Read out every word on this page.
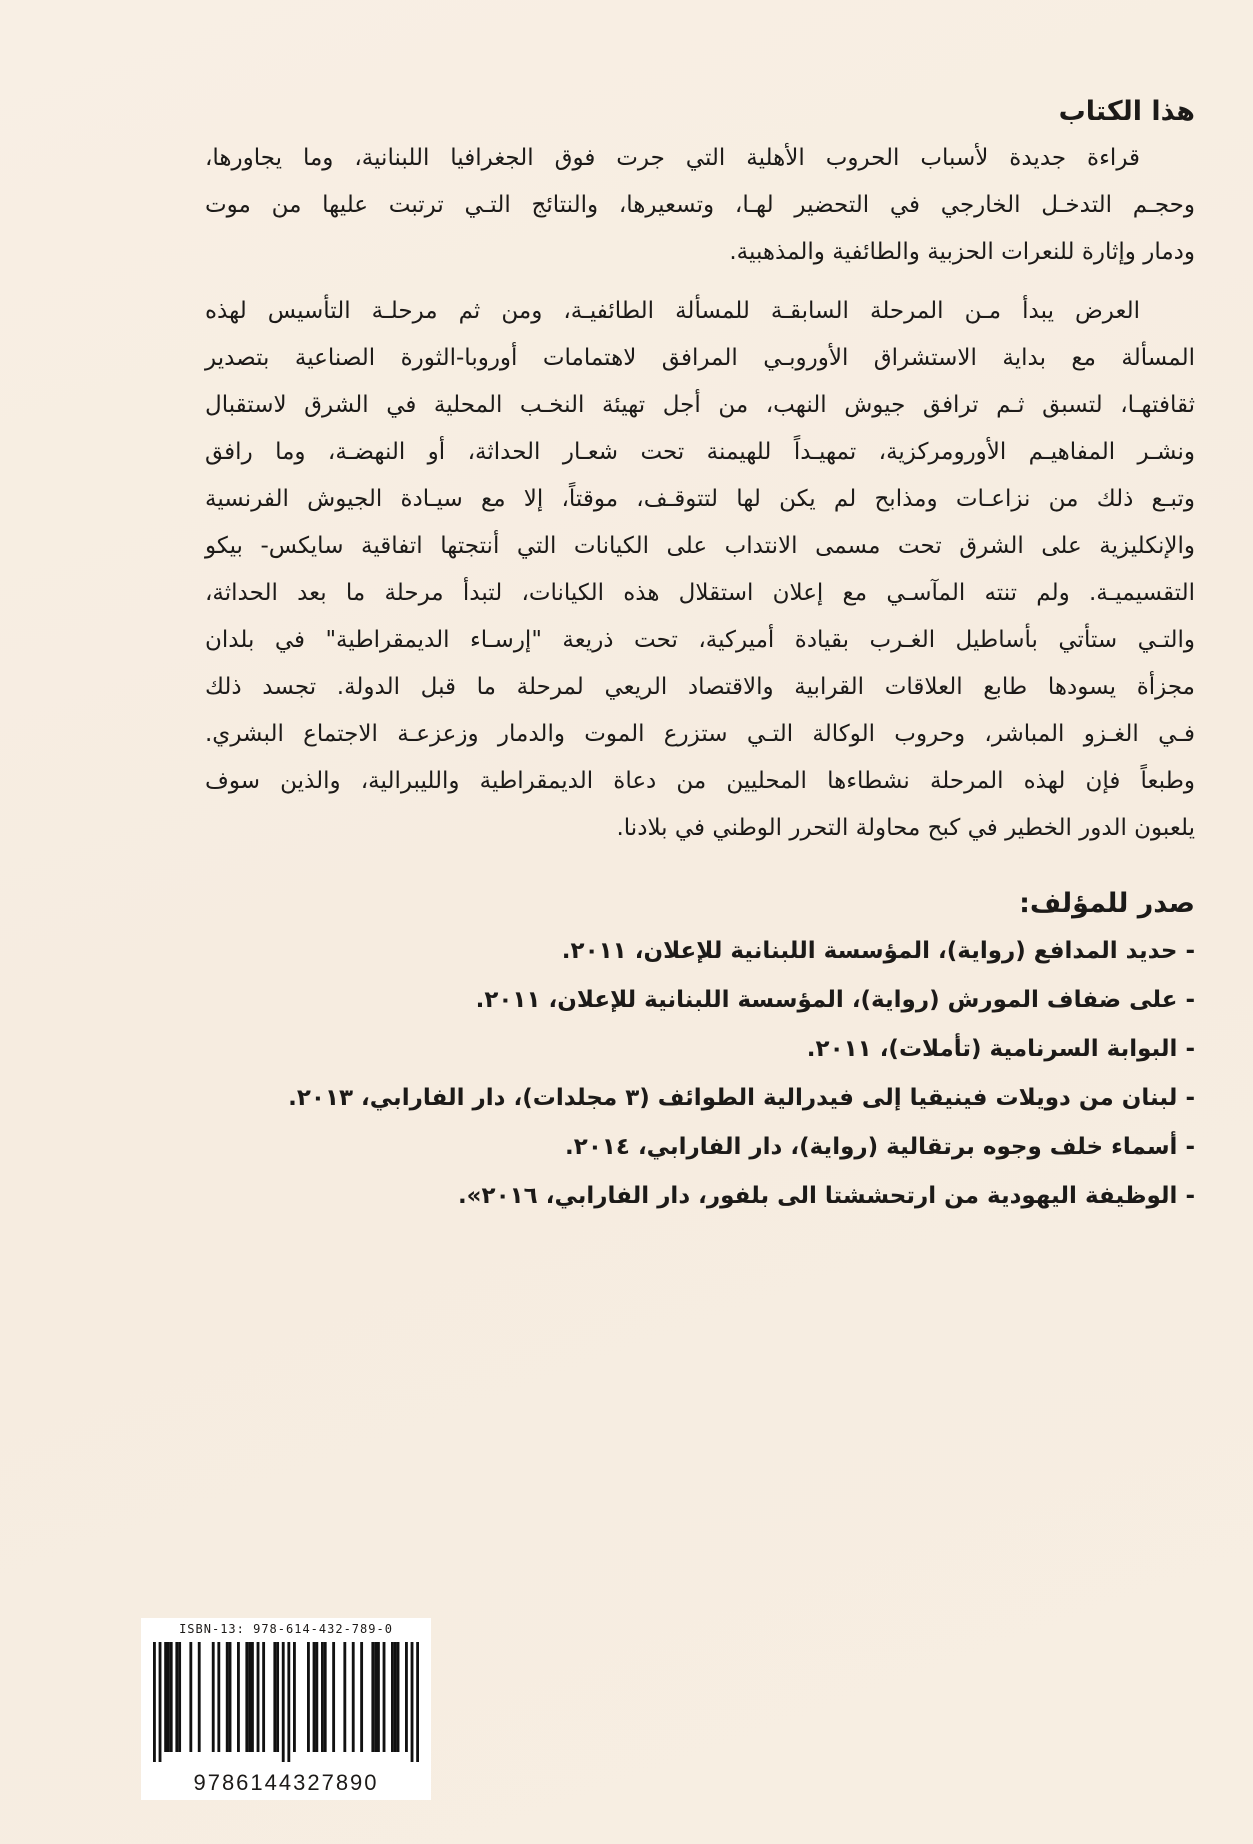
هذا الكتاب
قراءة جديدة لأسباب الحروب الأهلية التي جرت فوق الجغرافيا اللبنانية، وما يجاورها،
وحجـم التدخـل الخارجي في التحضير لهـا، وتسعيرها، والنتائج التـي ترتبت عليها من موت
ودمار وإثارة للنعرات الحزبية والطائفية والمذهبية.
العرض يبدأ مـن المرحلة السابقـة للمسألة الطائفيـة، ومن ثم مرحلـة التأسيس لهذه
المسألة مع بداية الاستشراق الأوروبـي المرافق لاهتمامات أوروبا-الثورة الصناعية بتصدير
ثقافتهـا، لتسبق ثـم ترافق جيوش النهب، من أجل تهيئة النخـب المحلية في الشرق لاستقبال
ونشـر المفاهيـم الأورومركزية، تمهيـداً للهيمنة تحت شعـار الحداثة، أو النهضـة، وما رافق
وتبـع ذلك من نزاعـات ومذابح لم يكن لها لتتوقـف، موقتاً، إلا مع سيـادة الجيوش الفرنسية
والإنكليزية على الشرق تحت مسمى الانتداب على الكيانات التي أنتجتها اتفاقية سايكس- بيكو
التقسيميـة. ولم تنته المآسـي مع إعلان استقلال هذه الكيانات، لتبدأ مرحلة ما بعد الحداثة،
والتـي ستأتي بأساطيل الغـرب بقيادة أميركية، تحت ذريعة "إرسـاء الديمقراطية" في بلدان
مجزأة يسودها طابع العلاقات القرابية والاقتصاد الريعي لمرحلة ما قبل الدولة. تجسد ذلك
فـي الغـزو المباشر، وحروب الوكالة التـي ستزرع الموت والدمار وزعزعـة الاجتماع البشري.
وطبعاً فإن لهذه المرحلة نشطاءها المحليين من دعاة الديمقراطية والليبرالية، والذين سوف
يلعبون الدور الخطير في كبح محاولة التحرر الوطني في بلادنا.
صدر للمؤلف:
- حديد المدافع (رواية)، المؤسسة اللبنانية للإعلان، ٢٠١١.
- على ضفاف المورش (رواية)، المؤسسة اللبنانية للإعلان، ٢٠١١.
- البوابة السرنامية (تأملات)، ٢٠١١.
- لبنان من دويلات فينيقيا إلى فيدرالية الطوائف (٣ مجلدات)، دار الفارابي، ٢٠١٣.
- أسماء خلف وجوه برتقالية (رواية)، دار الفارابي، ٢٠١٤.
- الوظيفة اليهودية من ارتحششتا الى بلفور، دار الفارابي، ٢٠١٦».
ISBN-13: 978-614-432-789-0
9786144327890
